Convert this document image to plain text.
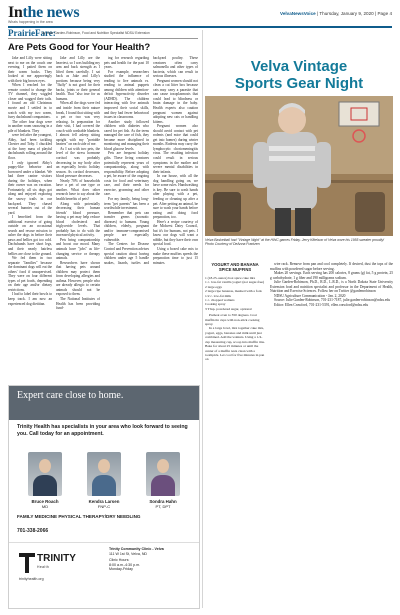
Inthe news
Whats happening in the area
VelvaNewsVoice | Thursday, January 9, 2020 | Page 4
PrairieFare:
by Julie Garden-Robinson, Food and Nutrition Specialist NDSU Extension
Are Pets Good for Your Health?

Jake and Lilly were sitting next to me on the couch one evening. I patted them on their warm backs. They looked at me approvingly with their big brown eyes.

When I reached for the remote control to change the TV channel, they wiggled closer and wagged their tails. I found an old Christmas movie and I settled in to watch with my two warm, furry dachshund companions.

The other four dogs were in another room snoozing in a pile of blankets. They

were fed after the youngest, Abby, had been tackling Chester and Toby. I chuckled at the furry mass of playful dachshunds rolling around the floor.

I only ignored Abby's puppy-like behavior and borrowed under a blanket. We had three canine visitors during the holidays, when their owner was on vacation. Fortunately, all six dogs got along and enjoyed exploring the snowy trails in our backyard. They chased several bunnies out of the yard.

I benefited from the additional exercise of going outside on an occasional search and rescue mission to usher the dogs in before their paws and bellies got too cold. Dachshunds have short legs, and their nearly hairless bellies are close to the ground.

We fed them in two separate "families" because the dominant dogs will eat the others' food if unsupervised. They were on four different types of pet foods, depending on their age and/or dietary restrictions.

I had to label their bowls to keep track. I am now an experienced dog dietitian.

Jake and Lilly are the heaviest, so I was building my arm and back strength as I lifted them carefully. I sat back as Jake and Lilly's portions because being very "fluffy" is not good for their backs, joints or their general health. That "also true for us humans.

When all the dogs were fed and inside from their nature break, I found that sitting with a pet or two was very relaxing. In preparation for their visit, I had covered the couch with washable blankets. I almost fell asleep sitting upright with my "portable heaters" on each side of me.

As I sat with two pets, the level of the stress hormone cortisol was probably decreasing in my body after an especially hectic holiday season. As cortisol decreases, blood pressure decreases.

Nearly 70% of households have a pet of one type or another. What does other research have to say about the health benefits of pets?

Along with potentially decreasing their human friends' blood pressure, having a pet may help reduce blood cholesterol and triglyceride levels. That probably has to do with the increased physical activity.

Pets bring companionship and boost our mood. Many animals have "jobs" as life-changing service or therapy animals.

Researchers have shown that having pets around children may protect them from developing allergies and asthma. However, people who are already allergic to certain animals should not be exposed to them.

The National Institutes of Health has been providing fund-

ing for research regarding pets and health for the past 10 years.

For example, researchers studied the influence of reading to live animals vs. reading to animal puppets among children with attention-deficit hyperactivity disorder (ADHD). The children interacting with live animals improved their social skills, and they had fewer behavioral issues in classrooms.

Another study followed children with diabetes who cared for pet fish. As the teens managed the care of fish, they became more disciplined in monitoring and managing their blood glucose levels.

Pets are frequent holiday gifts. These living creatures potentially represent years of companionship, along with responsibility. Before adopting a pet, be aware of the ongoing costs for food and veterinary care, and their needs for exercise, grooming and other care.

For my family, being long-term "pet parents" has been a worthwhile investment.

Remember that pets can transfer germs (zoonotic diseases) to humans. Young children, elderly, pregnant and/or immune-compromised people are especially vulnerable.

The Centers for Disease Control and Prevention advises special caution about having children under age 5 handle snakes, lizards, turtles and backyard poultry. These creatures often carry salmonella and other types of bacteria, which can result in serious illnesses.

Pregnant women should not clean a cat litter box because cats may carry a parasite that can cause toxoplasmosis that could lead to blindness or brain damage in the baby. Health experts also caution pregnant women against adopting new cats or handling kittens.

Pregnant women also should avoid contact with pet rodents (and mice that could get into homes) during winter months. Rodents may carry the lymphocytic choriomeningitis virus. The resulting infection could result in serious symptoms in the mother and severe mental disabilities in their infants.

In our house, with all the dog handling going on, we have some rules. Handwashing is key. Be sure to wash hands after playing with a pet, feeding or cleaning up after a pet. After petting an animal, be sure to wash your hands before eating and doing food preparation, too.

Here's a recipe courtesy of the Midwest Dairy Council, but it's for humans, not pets. I know our dogs will want a nibble, but they have their own special food.

Using a boxed cake mix to make these muffins speeds the preparation time to just 15 minutes.

Expert care close to home.
Trinity Health has specialists in your area who look forward to seeing you. Call today for an appointment.
Bruce Roach
MD
Kendra Larsen
FNP-C
Sondra Hahn
PT, DPT
FAMILY MEDICINE PHYSICAL THERAPY/DRY NEEDLING
701-338-2066
TRINITY
Health
trinityhealth.org
Trinity Community Clinic - Velva
111 W 1st St, Velva, ND
Clinic Hours:
8:00 a.m.-4:30 p.m.
Monday-Friday
Velva Vintage
Sports Gear Night
Velva Basketball had "Vintage Night" at the HWC games Friday. Jerry Kittelson of Velva wore his 1955 sweater proudly! Photo Courtesy of DeAnna Frantzen
YOGURT AND BANANA SPICE MUFFINS
1 (18.25-ounce) box spice cake mix
1 c. low-fat vanilla yogurt (not sugar-free)
2 large eggs
2 large ripe bananas, mashed with a fork
1/2 c. low-fat milk
1 c. chopped walnuts
Cooking spray
3 Tbsp. powdered sugar, optional
Preheat oven to 350 degrees. Coat muffin tin cups with non-stick cooking spray.
In a large bowl, mix together cake mix, yogurt, eggs, bananas and milk until just combined. Add the walnuts. Using a 1/4-cup measuring cup, scoop into muffin tins. Bake for about 25 minutes or until the center of a muffin tests clean with a toothpick. Let cool for five minutes in pan on

wire rack. Remove from pan and cool completely. If desired, dust the tops of the muffins with powdered sugar before serving.

Makes 20 servings. Each serving has 200 calories, 8 grams (g) fat, 5 g protein, 25 g carbohydrate, 1 g fiber and 190 milligrams sodium.

Julie Garden-Robinson, Ph.D., R.D., L.R.D., is a North Dakota State University Extension food and nutrition specialist and professor in the Department of Health, Nutrition and Exercise Sciences. Follow her on Twitter @gardenrobinson

NDSU Agriculture Communication - Jan. 2, 2020

Source: Julie Garden-Robinson, 701-231-7187, julie.garden-robinson@ndsu.edu

Editor: Ellen Crawford, 701-231-5391, ellen.crawford@ndsu.edu
